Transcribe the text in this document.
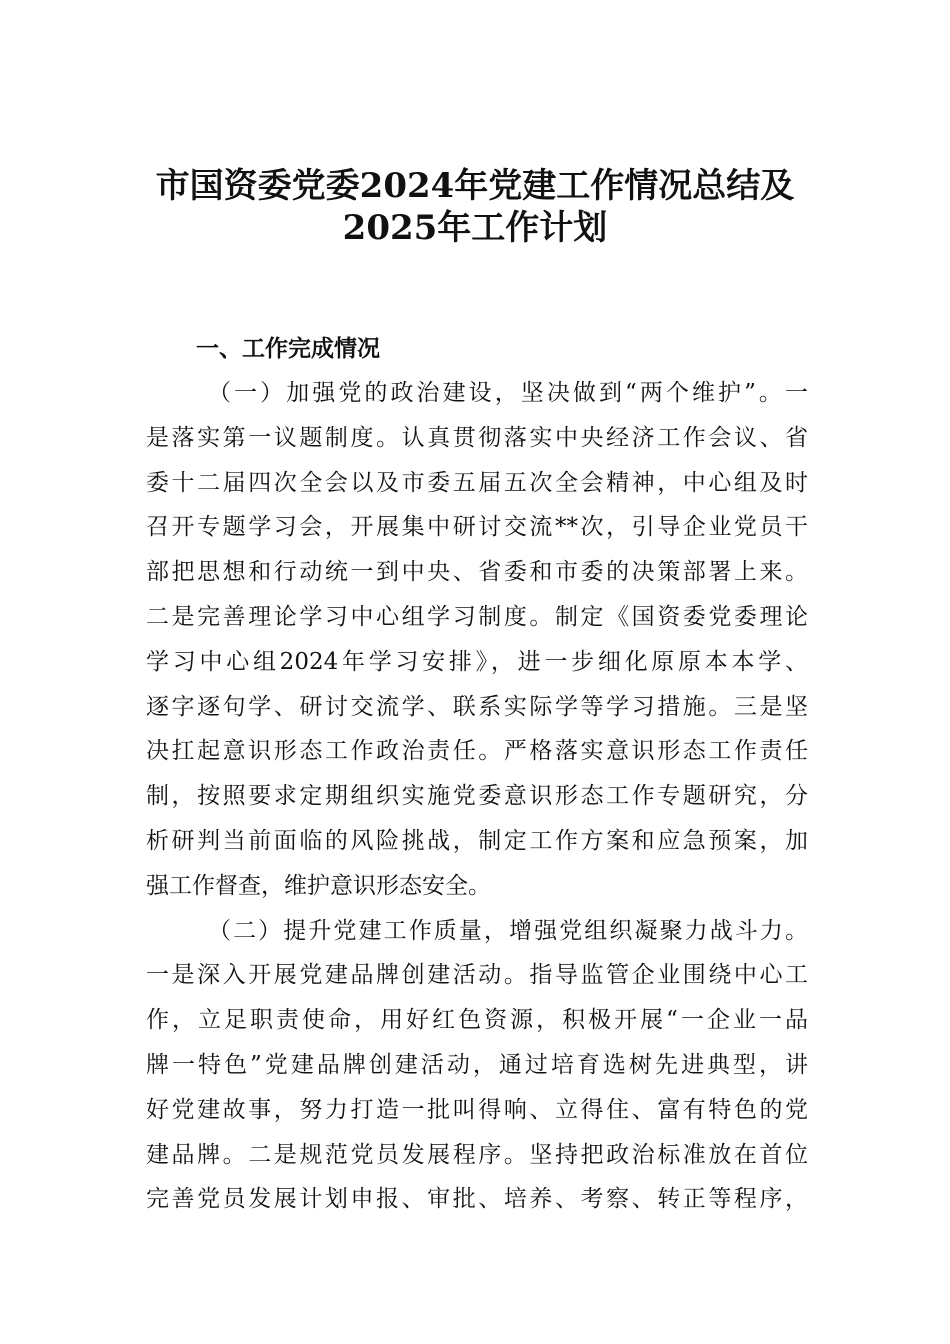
市国资委党委2024年党建工作情况总结及
2025年工作计划
一、工作完成情况
（一）加强党的政治建设，坚决做到“两个维护”。一
是落实第一议题制度。认真贯彻落实中央经济工作会议、省
委十二届四次全会以及市委五届五次全会精神，中心组及时
召开专题学习会，开展集中研讨交流**次，引导企业党员干
部把思想和行动统一到中央、省委和市委的决策部署上来。
二是完善理论学习中心组学习制度。制定《国资委党委理论
学习中心组2024年学习安排》，进一步细化原原本本学、
逐字逐句学、研讨交流学、联系实际学等学习措施。三是坚
决扛起意识形态工作政治责任。严格落实意识形态工作责任
制，按照要求定期组织实施党委意识形态工作专题研究，分
析研判当前面临的风险挑战，制定工作方案和应急预案，加
强工作督查，维护意识形态安全。
（二）提升党建工作质量，增强党组织凝聚力战斗力。
一是深入开展党建品牌创建活动。指导监管企业围绕中心工
作，立足职责使命，用好红色资源，积极开展“一企业一品
牌一特色”党建品牌创建活动，通过培育选树先进典型，讲
好党建故事，努力打造一批叫得响、立得住、富有特色的党
建品牌。二是规范党员发展程序。坚持把政治标准放在首位
完善党员发展计划申报、审批、培养、考察、转正等程序，
